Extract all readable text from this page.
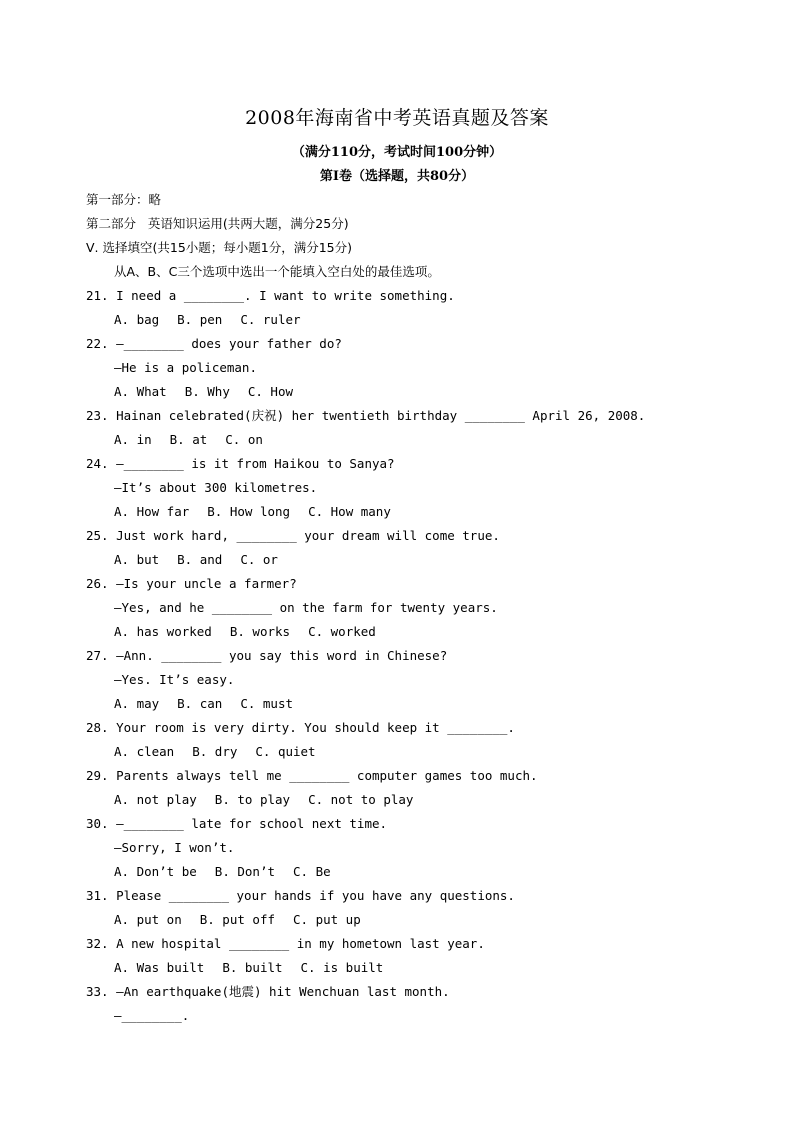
2008年海南省中考英语真题及答案
（满分110分，考试时间100分钟）
第Ⅰ卷（选择题，共80分）
第一部分：略
第二部分   英语知识运用(共两大题，满分25分)
Ⅴ. 选择填空(共15小题；每小题1分，满分15分)
从A、B、C三个选项中选出一个能填入空白处的最佳选项。
21. I need a ________. I want to write something.
A. bag B. pen C. ruler
22. —________ does your father do?
—He is a policeman.
A. What B. Why C. How
23. Hainan celebrated(庆祝) her twentieth birthday ________ April 26, 2008.
A. in B. at C. on
24. —________ is it from Haikou to Sanya?
—It’s about 300 kilometres.
A. How far B. How long C. How many
25. Just work hard, ________ your dream will come true.
A. but B. and C. or
26. —Is your uncle a farmer?
—Yes, and he ________ on the farm for twenty years.
A. has worked B. works C. worked
27. —Ann. ________ you say this word in Chinese?
—Yes. It’s easy.
A. may B. can C. must
28. Your room is very dirty. You should keep it ________.
A. clean B. dry C. quiet
29. Parents always tell me ________ computer games too much.
A. not play B. to play C. not to play
30. —________ late for school next time.
—Sorry, I won’t.
A. Don’t be B. Don’t C. Be
31. Please ________ your hands if you have any questions.
A. put on B. put off C. put up
32. A new hospital ________ in my hometown last year.
A. Was built B. built C. is built
33. —An earthquake(地震) hit Wenchuan last month.
—________.
